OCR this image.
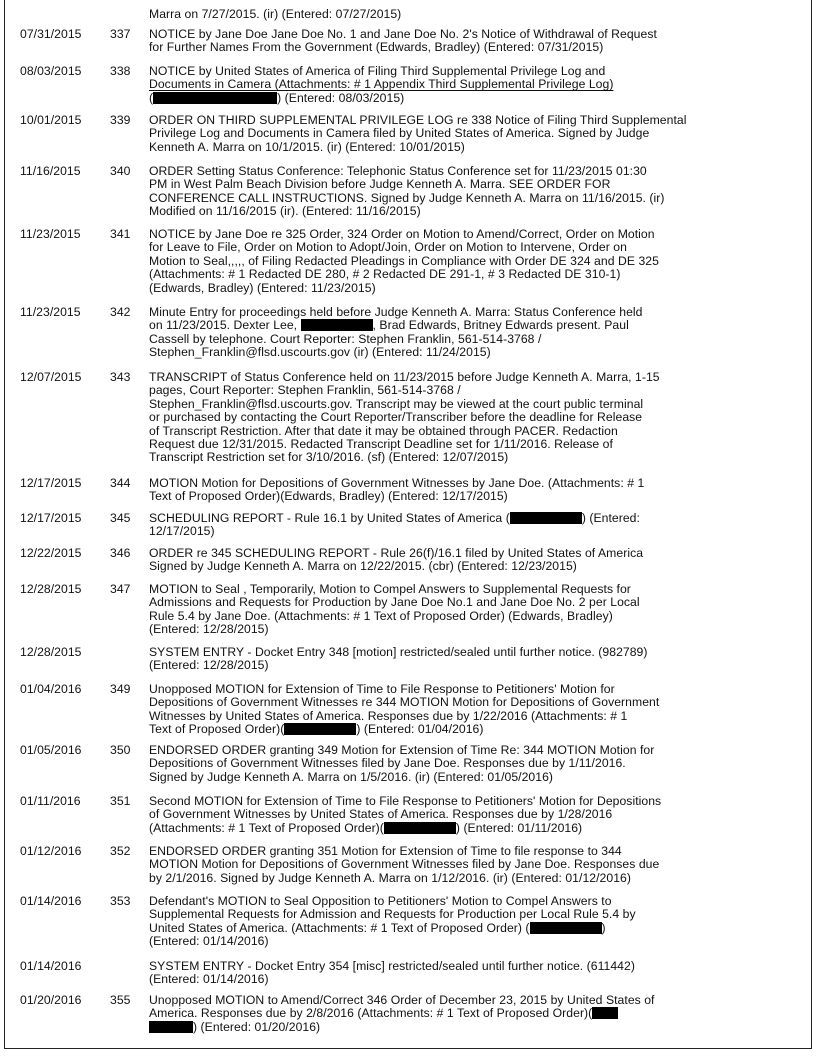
Marra on 7/27/2015. (ir) (Entered: 07/27/2015)
07/31/2015	337	NOTICE by Jane Doe Jane Doe No. 1 and Jane Doe No. 2's Notice of Withdrawal of Request
for Further Names From the Government (Edwards, Bradley) (Entered: 07/31/2015)
08/03/2015	338	NOTICE by United States of America of Filing Third Supplemental Privilege Log and
Documents in Camera (Attachments: # 1 Appendix Third Supplemental Privilege Log)
(	) (Entered: 08/03/2015)
10/01/2015	339	ORDER ON THIRD SUPPLEMENTAL PRIVILEGE LOG re 338 Notice of Filing Third Supplemental
Privilege Log and Documents in Camera filed by United States of America. Signed by Judge
Kenneth A. Marra on 10/1/2015. (ir) (Entered: 10/01/2015)
11/16/2015	340	ORDER Setting Status Conference: Telephonic Status Conference set for 11/23/2015 01:30
PM in West Palm Beach Division before Judge Kenneth A. Marra. SEE ORDER FOR
CONFERENCE CALL INSTRUCTIONS. Signed by Judge Kenneth A. Marra on 11/16/2015. (ir)
Modified on 11/16/2015 (ir). (Entered: 11/16/2015)
11/23/2015	341	NOTICE by Jane Doe re 325 Order, 324 Order on Motion to Amend/Correct, Order on Motion
for Leave to File, Order on Motion to Adopt/Join, Order on Motion to Intervene, Order on
Motion to Seal,,,,, of Filing Redacted Pleadings in Compliance with Order DE 324 and DE 325
(Attachments: # 1 Redacted DE 280, # 2 Redacted DE 291-1, # 3 Redacted DE 310-1)
(Edwards, Bradley) (Entered: 11/23/2015)
11/23/2015	342	Minute Entry for proceedings held before Judge Kenneth A. Marra: Status Conference held
on 11/23/2015. Dexter Lee,	, Brad Edwards, Britney Edwards present. Paul
Cassell by telephone. Court Reporter: Stephen Franklin, 561-514-3768 /
Stephen_Franklin@flsd.uscourts.gov (ir) (Entered: 11/24/2015)
12/07/2015	343	TRANSCRIPT of Status Conference held on 11/23/2015 before Judge Kenneth A. Marra, 1-15
pages, Court Reporter: Stephen Franklin, 561-514-3768 /
Stephen_Franklin@flsd.uscourts.gov. Transcript may be viewed at the court public terminal
or purchased by contacting the Court Reporter/Transcriber before the deadline for Release
of Transcript Restriction. After that date it may be obtained through PACER. Redaction
Request due 12/31/2015. Redacted Transcript Deadline set for 1/11/2016. Release of
Transcript Restriction set for 3/10/2016. (sf) (Entered: 12/07/2015)
12/17/2015	344	MOTION Motion for Depositions of Government Witnesses by Jane Doe. (Attachments: # 1
Text of Proposed Order)(Edwards, Bradley) (Entered: 12/17/2015)
12/17/2015	345	SCHEDULING REPORT - Rule 16.1 by United States of America (	) (Entered:
12/17/2015)
12/22/2015	346	ORDER re 345 SCHEDULING REPORT - Rule 26(f)/16.1 filed by United States of America
Signed by Judge Kenneth A. Marra on 12/22/2015. (cbr) (Entered: 12/23/2015)
12/28/2015	347	MOTION to Seal , Temporarily, Motion to Compel Answers to Supplemental Requests for
Admissions and Requests for Production by Jane Doe No.1 and Jane Doe No. 2 per Local
Rule 5.4 by Jane Doe. (Attachments: # 1 Text of Proposed Order) (Edwards, Bradley)
(Entered: 12/28/2015)
12/28/2015	SYSTEM ENTRY - Docket Entry 348 [motion] restricted/sealed until further notice. (982789)
(Entered: 12/28/2015)
01/04/2016	349	Unopposed MOTION for Extension of Time to File Response to Petitioners' Motion for
Depositions of Government Witnesses re 344 MOTION Motion for Depositions of Government
Witnesses by United States of America. Responses due by 1/22/2016 (Attachments: # 1
Text of Proposed Order)(	) (Entered: 01/04/2016)
01/05/2016	350	ENDORSED ORDER granting 349 Motion for Extension of Time Re: 344 MOTION Motion for
Depositions of Government Witnesses filed by Jane Doe. Responses due by 1/11/2016.
Signed by Judge Kenneth A. Marra on 1/5/2016. (ir) (Entered: 01/05/2016)
01/11/2016	351	Second MOTION for Extension of Time to File Response to Petitioners' Motion for Depositions
of Government Witnesses by United States of America. Responses due by 1/28/2016
(Attachments: # 1 Text of Proposed Order)(	) (Entered: 01/11/2016)
01/12/2016	352	ENDORSED ORDER granting 351 Motion for Extension of Time to file response to 344
MOTION Motion for Depositions of Government Witnesses filed by Jane Doe. Responses due
by 2/1/2016. Signed by Judge Kenneth A. Marra on 1/12/2016. (ir) (Entered: 01/12/2016)
01/14/2016	353	Defendant's MOTION to Seal Opposition to Petitioners' Motion to Compel Answers to
Supplemental Requests for Admission and Requests for Production per Local Rule 5.4 by
United States of America. (Attachments: # 1 Text of Proposed Order) (	)
(Entered: 01/14/2016)
01/14/2016	SYSTEM ENTRY - Docket Entry 354 [misc] restricted/sealed until further notice. (611442)
(Entered: 01/14/2016)
01/20/2016	355	Unopposed MOTION to Amend/Correct 346 Order of December 23, 2015 by United States of
America. Responses due by 2/8/2016 (Attachments: # 1 Text of Proposed Order)(
) (Entered: 01/20/2016)
